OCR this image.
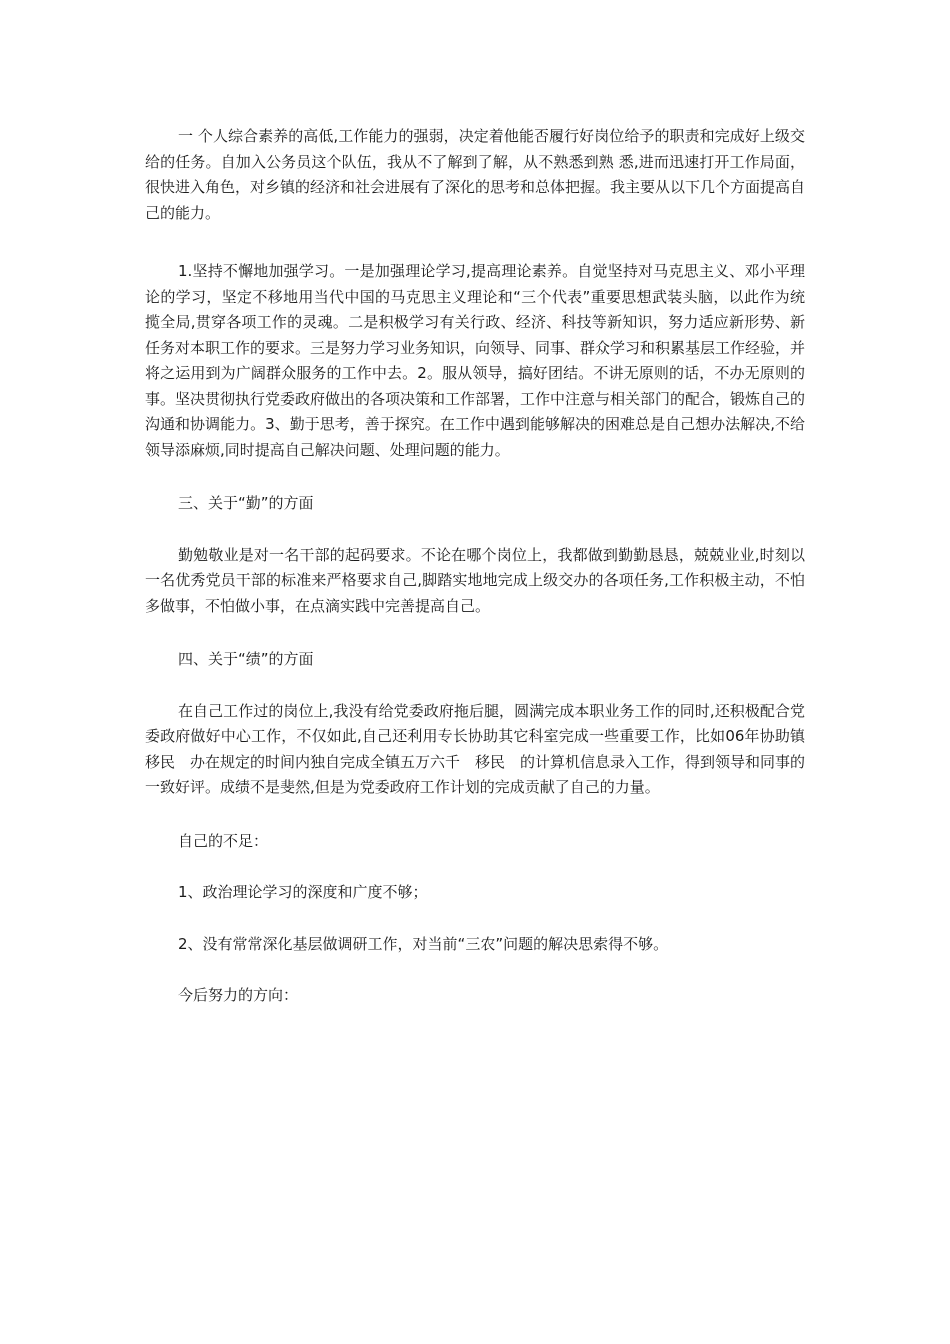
一 个人综合素养的高低,工作能力的强弱，决定着他能否履行好岗位给予的职责和完成好上级交给的任务。自加入公务员这个队伍，我从不了解到了解，从不熟悉到熟 悉,进而迅速打开工作局面，很快进入角色，对乡镇的经济和社会进展有了深化的思考和总体把握。我主要从以下几个方面提高自己的能力。

1.坚持不懈地加强学习。一是加强理论学习,提高理论素养。自觉坚持对马克思主义、邓小平理论的学习，坚定不移地用当代中国的马克思主义理论和“三个代表”重要思想武装头脑，以此作为统揽全局,贯穿各项工作的灵魂。二是积极学习有关行政、经济、科技等新知识，努力适应新形势、新任务对本职工作的要求。三是努力学习业务知识，向领导、同事、群众学习和积累基层工作经验，并将之运用到为广阔群众服务的工作中去。2。服从领导，搞好团结。不讲无原则的话，不办无原则的事。坚决贯彻执行党委政府做出的各项决策和工作部署，工作中注意与相关部门的配合，锻炼自己的沟通和协调能力。3、勤于思考，善于探究。在工作中遇到能够解决的困难总是自己想办法解决,不给领导添麻烦,同时提高自己解决问题、处理问题的能力。

三、关于“勤”的方面

勤勉敬业是对一名干部的起码要求。不论在哪个岗位上，我都做到勤勤恳恳，兢兢业业,时刻以一名优秀党员干部的标准来严格要求自己,脚踏实地地完成上级交办的各项任务,工作积极主动，不怕多做事，不怕做小事，在点滴实践中完善提高自己。

四、关于“绩”的方面

在自己工作过的岗位上,我没有给党委政府拖后腿，圆满完成本职业务工作的同时,还积极配合党委政府做好中心工作，不仅如此,自己还利用专长协助其它科室完成一些重要工作，比如06年协助镇　移民　办在规定的时间内独自完成全镇五万六千　移民　的计算机信息录入工作，得到领导和同事的一致好评。成绩不是斐然,但是为党委政府工作计划的完成贡献了自己的力量。

自己的不足：

1、政治理论学习的深度和广度不够；

2、没有常常深化基层做调研工作，对当前“三农”问题的解决思索得不够。

今后努力的方向：
